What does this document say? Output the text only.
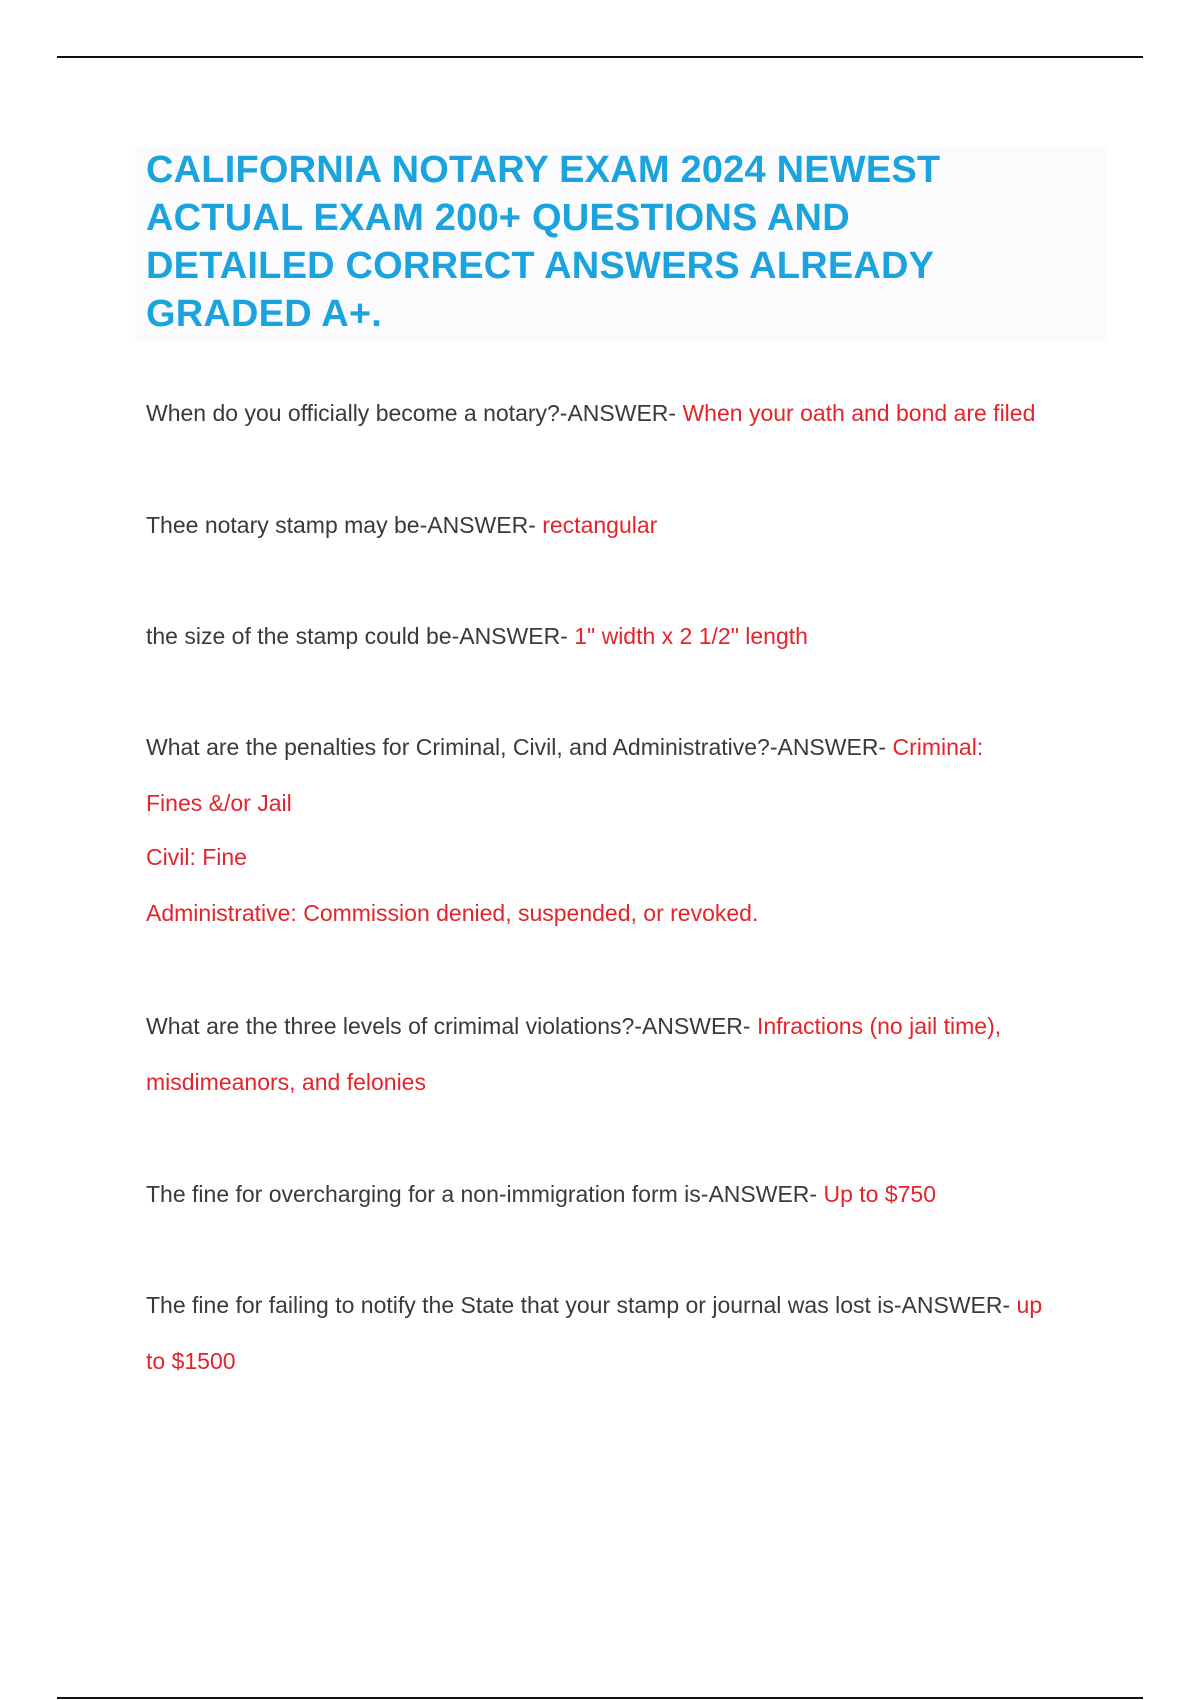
CALIFORNIA NOTARY EXAM 2024 NEWEST
ACTUAL EXAM 200+ QUESTIONS AND
DETAILED CORRECT ANSWERS ALREADY
GRADED A+.
When do you officially become a notary?-ANSWER- When your oath and bond are filed
Thee notary stamp may be-ANSWER- rectangular
the size of the stamp could be-ANSWER- 1" width x 2 1/2" length
What are the penalties for Criminal, Civil, and Administrative?-ANSWER- Criminal:
Fines &/or Jail
Civil: Fine
Administrative: Commission denied, suspended, or revoked.
What are the three levels of crimimal violations?-ANSWER- Infractions (no jail time),
misdimeanors, and felonies
The fine for overcharging for a non-immigration form is-ANSWER- Up to $750
The fine for failing to notify the State that your stamp or journal was lost is-ANSWER- up
to $1500
